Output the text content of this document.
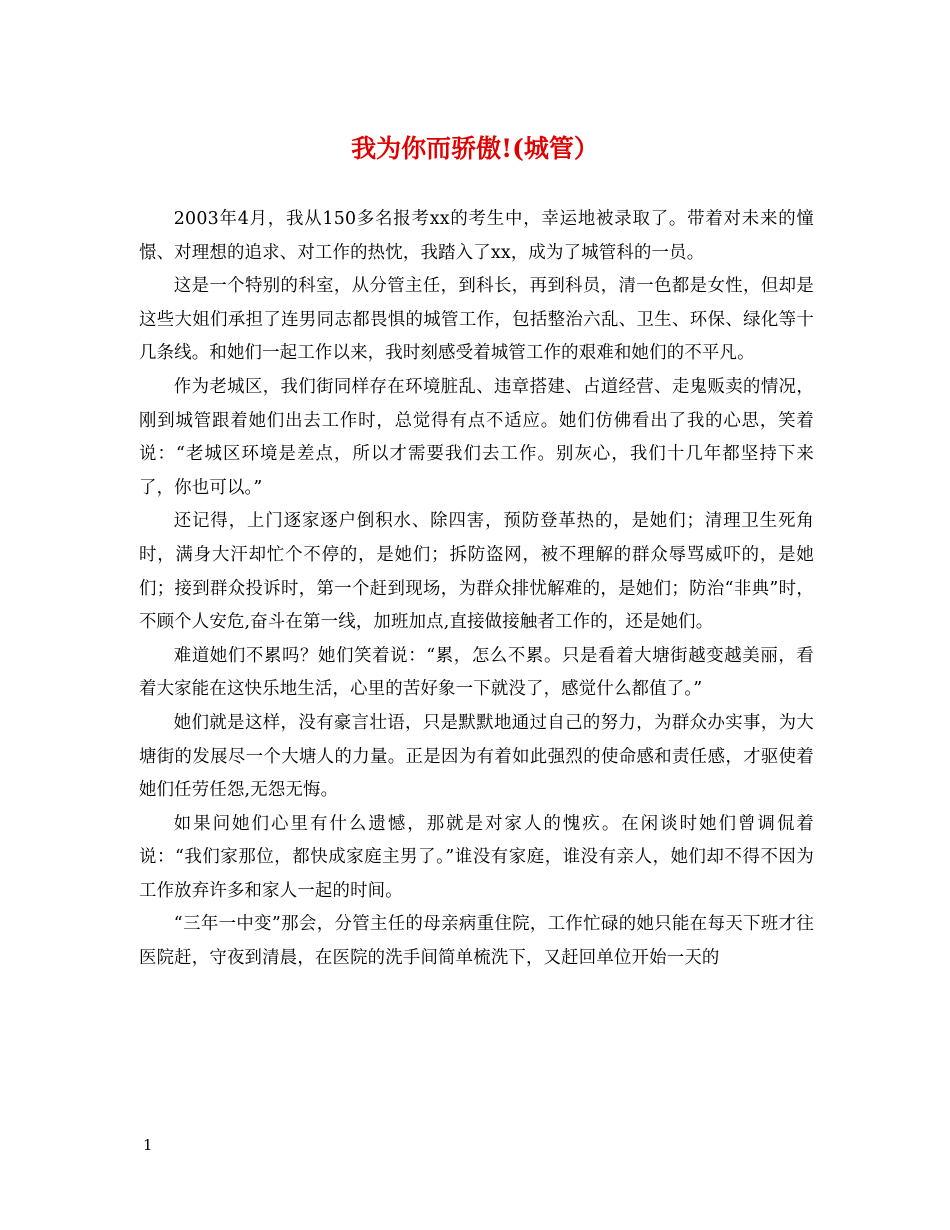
我为你而骄傲!(城管）

2003年4月，我从150多名报考xx的考生中，幸运地被录取了。带着对未来的憧憬、对理想的追求、对工作的热忱，我踏入了xx，成为了城管科的一员。

这是一个特别的科室，从分管主任，到科长，再到科员，清一色都是女性，但却是这些大姐们承担了连男同志都畏惧的城管工作，包括整治六乱、卫生、环保、绿化等十几条线。和她们一起工作以来，我时刻感受着城管工作的艰难和她们的不平凡。

作为老城区，我们街同样存在环境脏乱、违章搭建、占道经营、走鬼贩卖的情况，刚到城管跟着她们出去工作时，总觉得有点不适应。她们仿佛看出了我的心思，笑着说：“老城区环境是差点，所以才需要我们去工作。别灰心，我们十几年都坚持下来了，你也可以。”

还记得，上门逐家逐户倒积水、除四害，预防登革热的，是她们；清理卫生死角时，满身大汗却忙个不停的，是她们；拆防盗网，被不理解的群众辱骂威吓的，是她们；接到群众投诉时，第一个赶到现场，为群众排忧解难的，是她们；防治“非典”时，不顾个人安危,奋斗在第一线，加班加点,直接做接触者工作的，还是她们。

难道她们不累吗？她们笑着说：“累，怎么不累。只是看着大塘街越变越美丽，看着大家能在这快乐地生活，心里的苦好象一下就没了，感觉什么都值了。”

她们就是这样，没有豪言壮语，只是默默地通过自己的努力，为群众办实事，为大塘街的发展尽一个大塘人的力量。正是因为有着如此强烈的使命感和责任感，才驱使着她们任劳任怨,无怨无悔。

如果问她们心里有什么遗憾，那就是对家人的愧疚。在闲谈时她们曾调侃着说：“我们家那位，都快成家庭主男了。”谁没有家庭，谁没有亲人，她们却不得不因为工作放弃许多和家人一起的时间。

“三年一中变”那会，分管主任的母亲病重住院，工作忙碌的她只能在每天下班才往医院赶，守夜到清晨，在医院的洗手间简单梳洗下，又赶回单位开始一天的

1
